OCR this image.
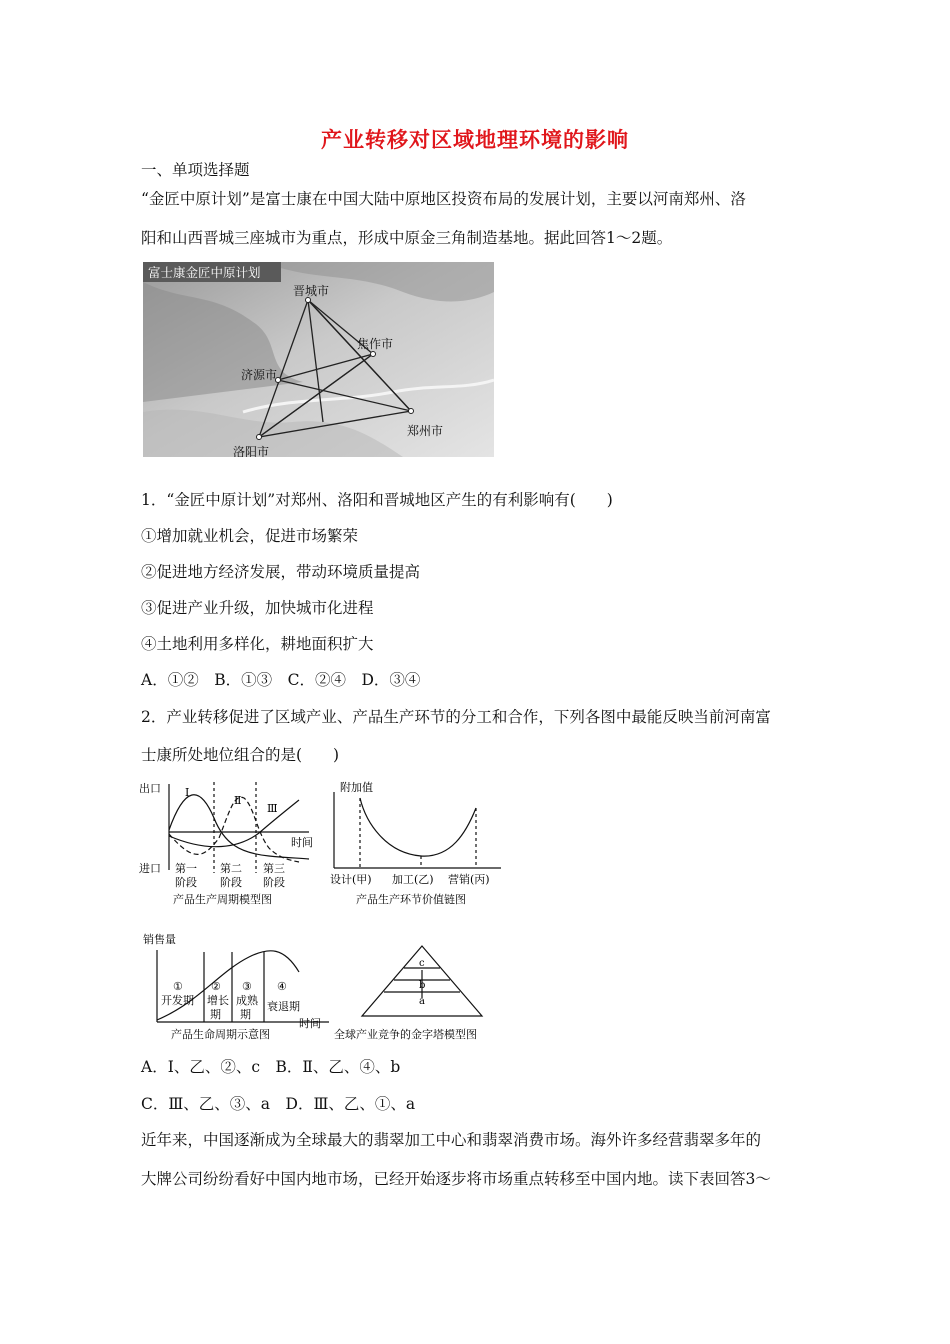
产业转移对区域地理环境的影响
一、单项选择题
“金匠中原计划”是富士康在中国大陆中原地区投资布局的发展计划，主要以河南郑州、洛
阳和山西晋城三座城市为重点，形成中原金三角制造基地。据此回答1～2题。
富士康金匠中原计划
晋城市
焦作市
济源市
郑州市
洛阳市
1．“金匠中原计划”对郑州、洛阳和晋城地区产生的有利影响有(　　)
①增加就业机会，促进市场繁荣
②促进地方经济发展，带动环境质量提高
③促进产业升级，加快城市化进程
④土地利用多样化，耕地面积扩大
A．①②　B．①③　C．②④　D．③④
2．产业转移促进了区域产业、产品生产环节的分工和合作，下列各图中最能反映当前河南富
士康所处地位组合的是(　　)
出口
进口
时间
Ⅰ
Ⅱ
Ⅲ
第一
阶段
第二
阶段
第三
阶段
产品生产周期模型图
附加值
设计(甲) 加工(乙) 营销(丙)
产品生产环节价值链图
销售量
时间
①
开发期
②
增长
期
③
成熟
期
④
衰退期
产品生命周期示意图
c
b
a
全球产业竞争的金字塔模型图
A．Ⅰ、乙、②、c　B．Ⅱ、乙、④、b
C．Ⅲ、乙、③、a　D．Ⅲ、乙、①、a
近年来，中国逐渐成为全球最大的翡翠加工中心和翡翠消费市场。海外许多经营翡翠多年的
大牌公司纷纷看好中国内地市场，已经开始逐步将市场重点转移至中国内地。读下表回答3～
